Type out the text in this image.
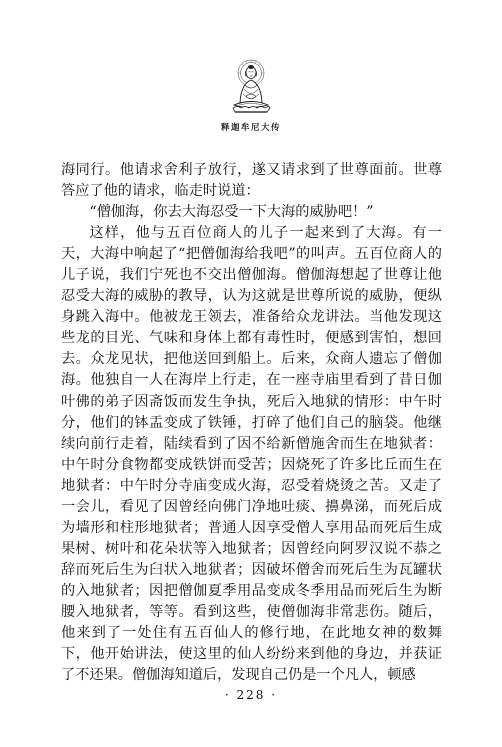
释迦牟尼大传

海同行。他请求舍利子放行，遂又请求到了世尊面前。世尊答应了他的请求，临走时说道：

“僧伽海，你去大海忍受一下大海的威胁吧！”

这样，他与五百位商人的儿子一起来到了大海。有一天，大海中响起了“把僧伽海给我吧”的叫声。五百位商人的儿子说，我们宁死也不交出僧伽海。僧伽海想起了世尊让他忍受大海的威胁的教导，认为这就是世尊所说的威胁，便纵身跳入海中。他被龙王领去，准备给众龙讲法。当他发现这些龙的目光、气味和身体上都有毒性时，便感到害怕，想回去。众龙见状，把他送回到船上。后来，众商人遗忘了僧伽海。他独自一人在海岸上行走，在一座寺庙里看到了昔日伽叶佛的弟子因斋饭而发生争执，死后入地狱的情形：中午时分，他们的钵盂变成了铁锤，打碎了他们自己的脑袋。他继续向前行走着，陆续看到了因不给新僧施舍而生在地狱者：中午时分食物都变成铁饼而受苦；因烧死了许多比丘而生在地狱者：中午时分寺庙变成火海，忍受着烧烫之苦。又走了一会儿，看见了因曾经向佛门净地吐痰、擤鼻涕，而死后成为墙形和柱形地狱者；普通人因享受僧人享用品而死后生成果树、树叶和花朵状等入地狱者；因曾经向阿罗汉说不恭之辞而死后生为臼状入地狱者；因破坏僧舍而死后生为瓦罐状的入地狱者；因把僧伽夏季用品变成冬季用品而死后生为断腰入地狱者，等等。看到这些，使僧伽海非常悲伤。随后，他来到了一处住有五百仙人的修行地，在此地女神的数舞下，他开始讲法，使这里的仙人纷纷来到他的身边，并获证了不还果。僧伽海知道后，发现自己仍是一个凡人，顿感

· 228 ·
